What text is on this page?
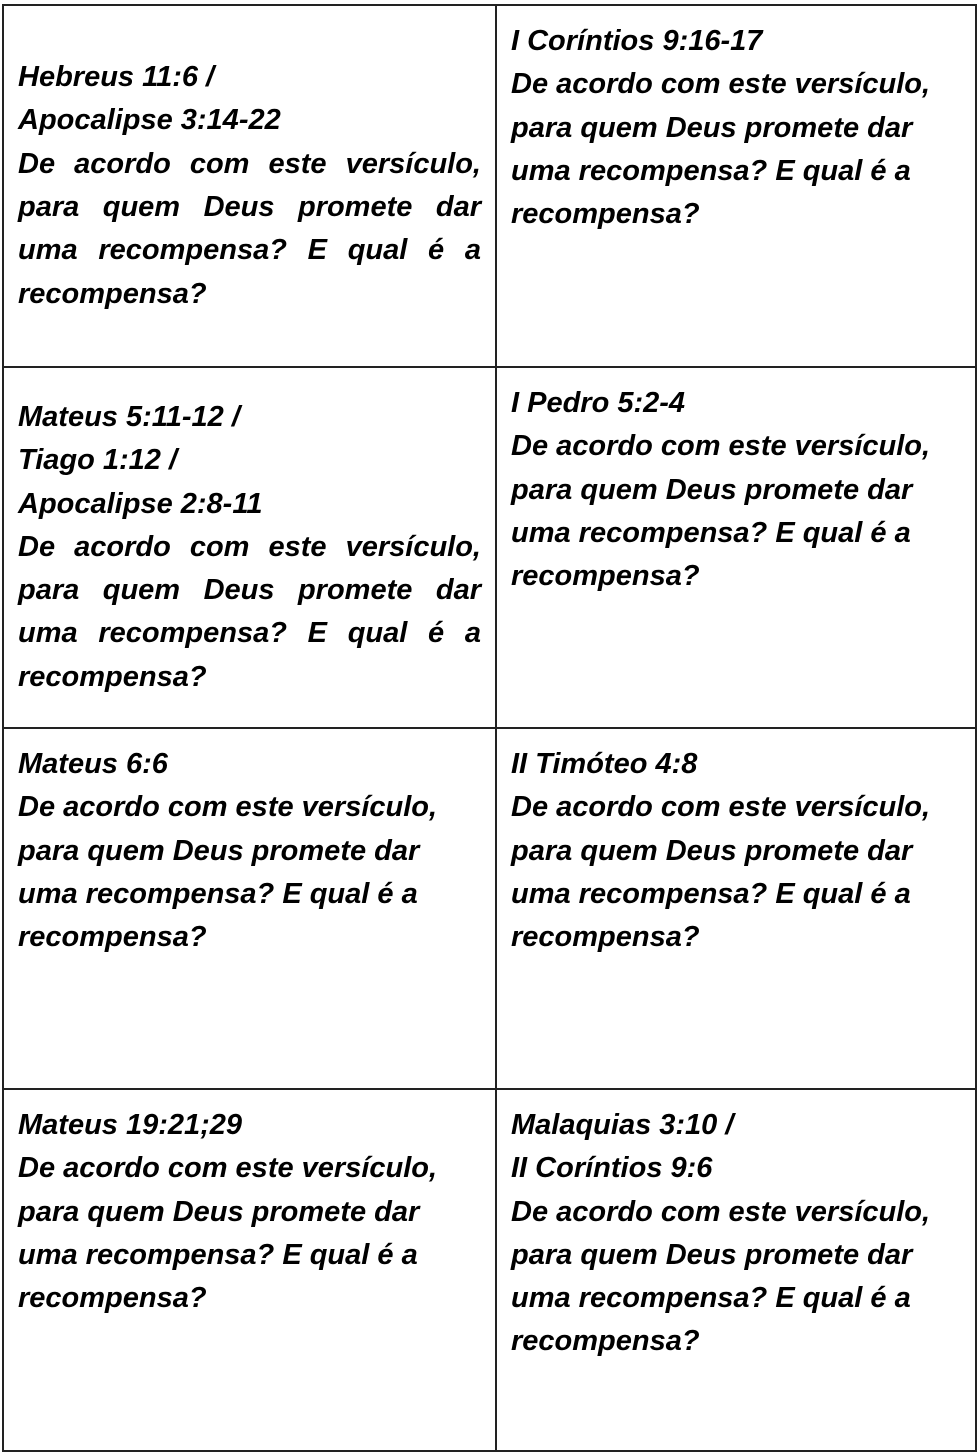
Hebreus 11:6 /
Apocalipse 3:14-22
De acordo com este versículo, para quem Deus promete dar uma recompensa? E qual é a recompensa?
I Coríntios 9:16-17
De acordo com este versículo, para quem Deus promete dar uma recompensa? E qual é a recompensa?
Mateus 5:11-12 /
Tiago 1:12 /
Apocalipse 2:8-11
De acordo com este versículo, para quem Deus promete dar uma recompensa? E qual é a recompensa?
I Pedro 5:2-4
De acordo com este versículo, para quem Deus promete dar uma recompensa? E qual é a recompensa?
Mateus 6:6
De acordo com este versículo, para quem Deus promete dar uma recompensa? E qual é a recompensa?
II Timóteo 4:8
De acordo com este versículo, para quem Deus promete dar uma recompensa? E qual é a recompensa?
Mateus 19:21;29
De acordo com este versículo, para quem Deus promete dar uma recompensa? E qual é a recompensa?
Malaquias 3:10 /
II Coríntios 9:6
De acordo com este versículo, para quem Deus promete dar uma recompensa? E qual é a recompensa?
